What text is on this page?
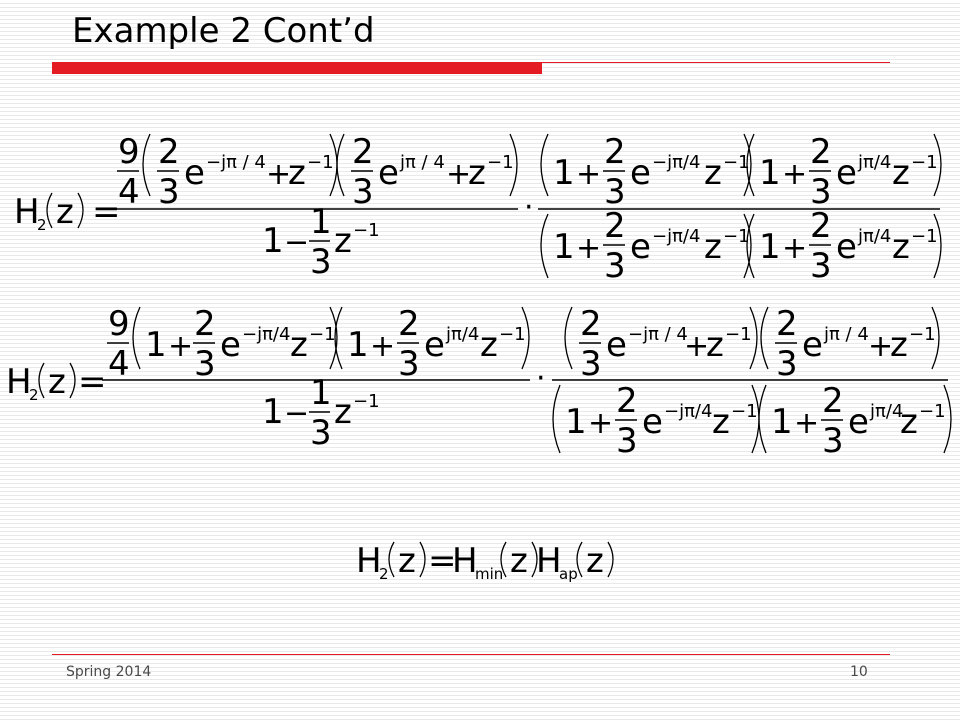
Example 2 Cont’d
H
2 z =
9
4
2
3 e −jπ / 4 +
z −1 2
3 e jπ / 4 +
z −1
1 −
1
3
z −1
·
1 +
2
3 e −jπ/4 z −1 1 +
2
3 e jπ/4 z −1
1 +
2
3 e −jπ/4 z −1 1 +
2
3 e jπ/4 z −1
H
2 z =
9
4 1 +
2
3 e −jπ/4 z −1 1 +
2
3 e jπ/4 z −1
1 −
1
3
z −1
·
2
3 e −jπ / 4
+
z −1 2
3 e jπ / 4 +
z −1
1 +
2
3 e −jπ/4 z −1 1 +
2
3 e jπ/4
z −1
H
2 z =
H
min z H
ap z
Spring 2014	10
